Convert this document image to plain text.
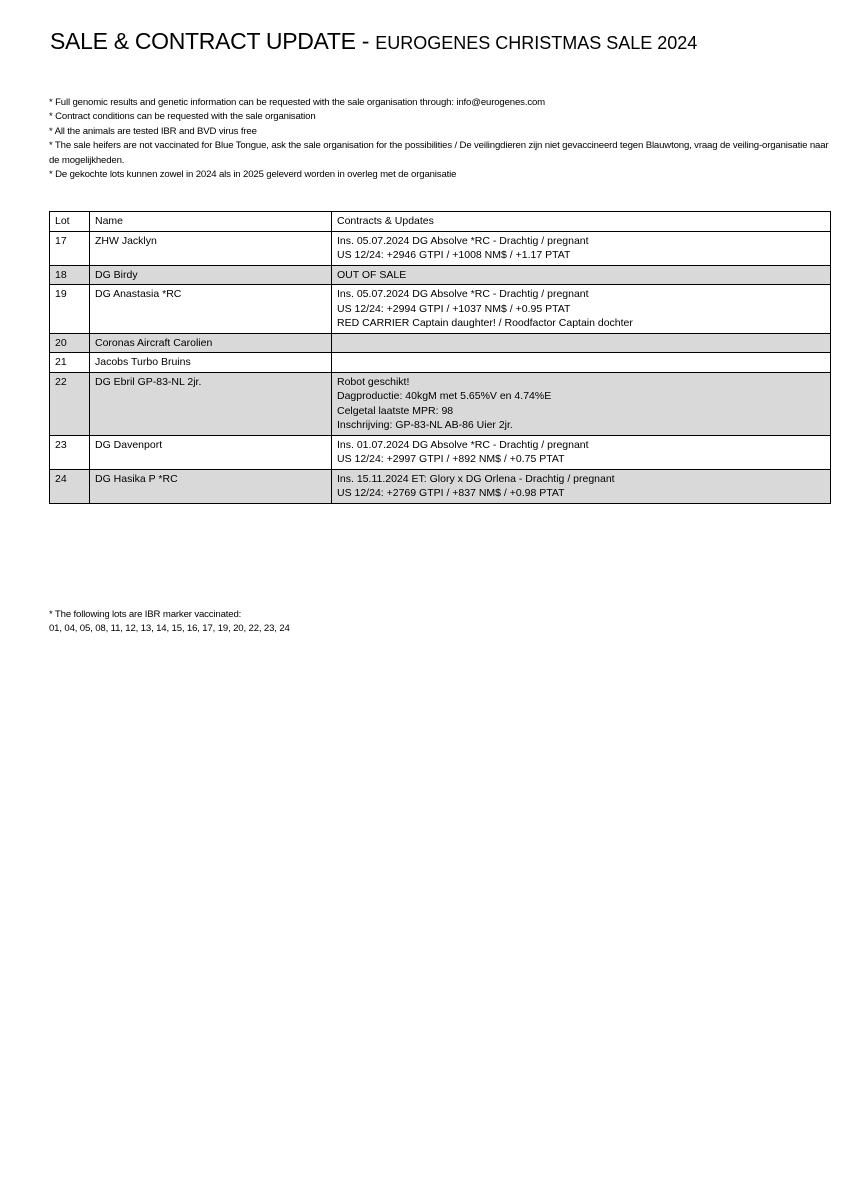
SALE & CONTRACT UPDATE - EUROGENES CHRISTMAS SALE 2024
* Full genomic results and genetic information can be requested with the sale organisation through: info@eurogenes.com
* Contract conditions can be requested with the sale organisation
* All the animals are tested IBR and BVD virus free
* The sale heifers are not vaccinated for Blue Tongue, ask the sale organisation for the possibilities / De veilingdieren zijn niet gevaccineerd tegen Blauwtong, vraag de veiling-organisatie naar de mogelijkheden.
* De gekochte lots kunnen zowel in 2024 als in 2025 geleverd worden in overleg met de organisatie
Lot	Name	Contracts & Updates
17	ZHW Jacklyn	Ins. 05.07.2024 DG Absolve *RC - Drachtig / pregnant
US 12/24: +2946 GTPI / +1008 NM$ / +1.17 PTAT

18	DG Birdy	OUT OF SALE

19	DG Anastasia *RC	Ins. 05.07.2024 DG Absolve *RC - Drachtig / pregnant
US 12/24: +2994 GTPI / +1037 NM$ / +0.95 PTAT
RED CARRIER Captain daughter! / Roodfactor Captain dochter

20	Coronas Aircraft Carolien	
21	Jacobs Turbo Bruins	
22	DG Ebril GP-83-NL 2jr.	Robot geschikt!
Dagproductie: 40kgM met 5.65%V en 4.74%E
Celgetal laatste MPR: 98
Inschrijving: GP-83-NL AB-86 Uier 2jr.

23	DG Davenport	Ins. 01.07.2024 DG Absolve *RC - Drachtig / pregnant
US 12/24: +2997 GTPI / +892 NM$ / +0.75 PTAT

24	DG Hasika P *RC	Ins. 15.11.2024 ET: Glory x DG Orlena - Drachtig / pregnant
US 12/24: +2769 GTPI / +837 NM$ / +0.98 PTAT
* The following lots are IBR marker vaccinated:
01, 04, 05, 08, 11, 12, 13, 14, 15, 16, 17, 19, 20, 22, 23, 24
